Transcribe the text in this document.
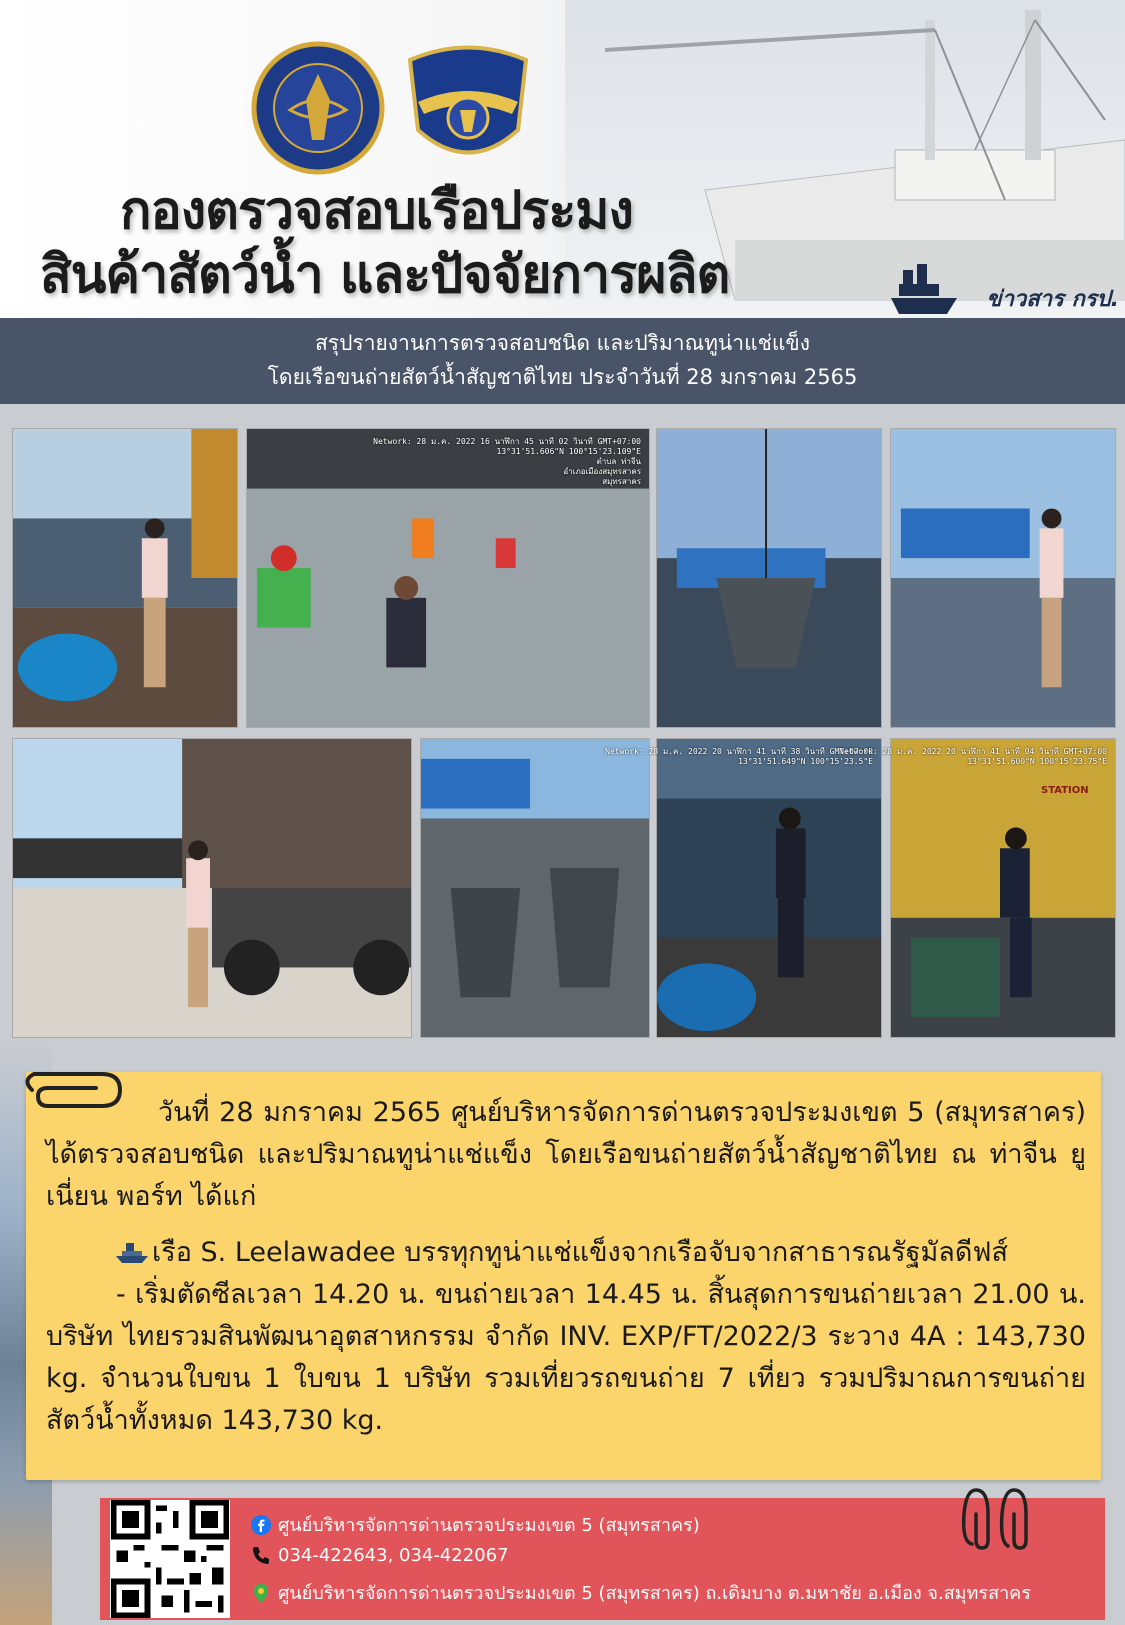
กองตรวจสอบเรือประมง
สินค้าสัตว์น้ำ และปัจจัยการผลิต	ข่าวสาร กรป.
สรุปรายงานการตรวจสอบชนิด และปริมาณทูน่าแช่แข็ง
โดยเรือขนถ่ายสัตว์น้ำสัญชาติไทย ประจำวันที่ 28 มกราคม 2565
Network: 28 ม.ค. 2022 16 นาฬิกา 45 นาที 02 วินาที GMT+07:00
13°31'51.606"N 100°15'23.109"E
ตำบล ท่าจีน
อำเภอเมืองสมุทรสาคร
สมุทรสาคร
Network: 28 ม.ค. 2022 20 นาฬิกา 41 นาที 38 วินาที GMT+07:00
13°31'51.649"N 100°15'23.5"E
Network: 28 ม.ค. 2022 20 นาฬิกา 41 นาที 04 วินาที GMT+07:00
13°31'51.600"N 100°15'23.75"E
STATION

วันที่ 28 มกราคม 2565 ศูนย์บริหารจัดการด่านตรวจประมงเขต 5 (สมุทรสาคร) ได้ตรวจสอบชนิด และปริมาณทูน่าแช่แข็ง โดยเรือขนถ่ายสัตว์น้ำสัญชาติไทย ณ ท่าจีน ยูเนี่ยน พอร์ท ได้แก่

เรือ S. Leelawadee บรรทุกทูน่าแช่แข็งจากเรือจับจากสาธารณรัฐมัลดีฟส์

- เริ่มตัดซีลเวลา 14.20 น. ขนถ่ายเวลา 14.45 น. สิ้นสุดการขนถ่ายเวลา 21.00 น. บริษัท ไทยรวมสินพัฒนาอุตสาหกรรม จำกัด INV. EXP/FT/2022/3 ระวาง 4A : 143,730 kg. จำนวนใบขน 1 ใบขน 1 บริษัท รวมเที่ยวรถขนถ่าย 7 เที่ยว รวมปริมาณการขนถ่ายสัตว์น้ำทั้งหมด 143,730 kg.

ศูนย์บริหารจัดการด่านตรวจประมงเขต 5 (สมุทรสาคร)
034-422643, 034-422067
ศูนย์บริหารจัดการด่านตรวจประมงเขต 5 (สมุทรสาคร) ถ.เดิมบาง ต.มหาชัย อ.เมือง จ.สมุทรสาคร
